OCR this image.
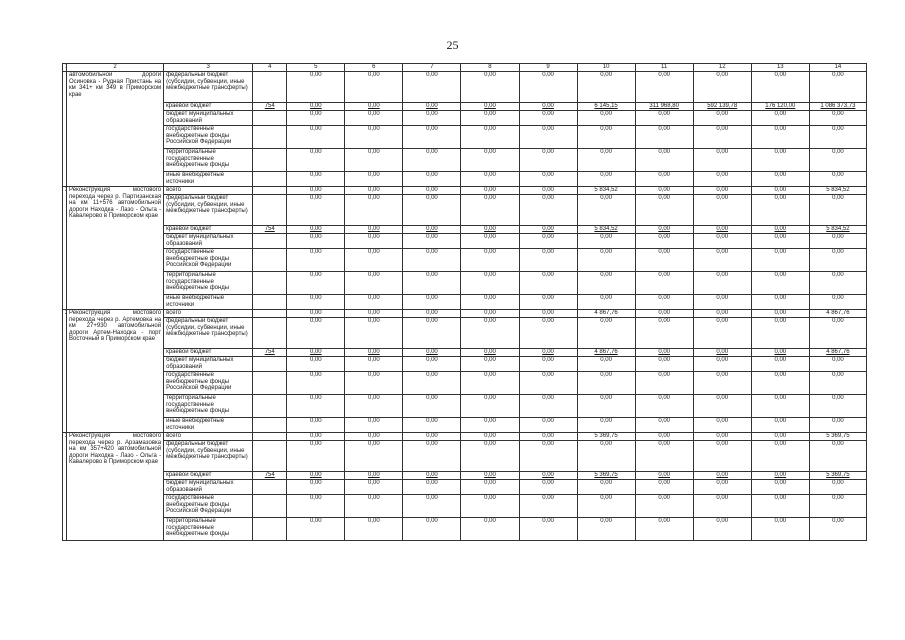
25
	2	3	4	5	6	7	8	9	10	11	12	13	14
	автомобильной дороги Осиновка - Рудная Пристань на км 341+ км 349 в Приморском крае	федеральный бюджет (субсидии, субвенции, иные межбюджетные трансферты)		0,00	0,00	0,00	0,00	0,00	0,00	0,00	0,00	0,00	0,00
		краевой бюджет	754	0,00	0,00	0,00	0,00	0,00	6 145,15	311 968,80	592 139,78	176 120,00	1 086 373,73
		бюджет муниципальных образований		0,00	0,00	0,00	0,00	0,00	0,00	0,00	0,00	0,00	0,00
		государственные внебюджетные фонды Российской Федерации		0,00	0,00	0,00	0,00	0,00	0,00	0,00	0,00	0,00	0,00
		территориальные государственные внебюджетные фонды		0,00	0,00	0,00	0,00	0,00	0,00	0,00	0,00	0,00	0,00
		иные внебюджетные источники		0,00	0,00	0,00	0,00	0,00	0,00	0,00	0,00	0,00	0,00
	Реконструкция мостового перехода через р. Партизанская на км 11+576 автомобильной дороги Находка - Лазо - Ольга - Кавалерово в Приморском крае	всего		0,00	0,00	0,00	0,00	0,00	5 834,52	0,00	0,00	0,00	5 834,52
		федеральный бюджет (субсидии, субвенции, иные межбюджетные трансферты)		0,00	0,00	0,00	0,00	0,00	0,00	0,00	0,00	0,00	0,00
		краевой бюджет	754	0,00	0,00	0,00	0,00	0,00	5 834,52	0,00	0,00	0,00	5 834,52
		бюджет муниципальных образований		0,00	0,00	0,00	0,00	0,00	0,00	0,00	0,00	0,00	0,00
		государственные внебюджетные фонды Российской Федерации		0,00	0,00	0,00	0,00	0,00	0,00	0,00	0,00	0,00	0,00
		территориальные государственные внебюджетные фонды		0,00	0,00	0,00	0,00	0,00	0,00	0,00	0,00	0,00	0,00
		иные внебюджетные источники		0,00	0,00	0,00	0,00	0,00	0,00	0,00	0,00	0,00	0,00
	Реконструкция мостового перехода через р. Артемовка на км 27+930 автомобильной дороги Артем-Находка - порт Восточный в Приморском крае	всего		0,00	0,00	0,00	0,00	0,00	4 867,76	0,00	0,00	0,00	4 867,76
		федеральный бюджет (субсидии, субвенции, иные межбюджетные трансферты)		0,00	0,00	0,00	0,00	0,00	0,00	0,00	0,00	0,00	0,00
		краевой бюджет	754	0,00	0,00	0,00	0,00	0,00	4 867,76	0,00	0,00	0,00	4 867,76
		бюджет муниципальных образований		0,00	0,00	0,00	0,00	0,00	0,00	0,00	0,00	0,00	0,00
		государственные внебюджетные фонды Российской Федерации		0,00	0,00	0,00	0,00	0,00	0,00	0,00	0,00	0,00	0,00
		территориальные государственные внебюджетные фонды		0,00	0,00	0,00	0,00	0,00	0,00	0,00	0,00	0,00	0,00
		иные внебюджетные источники		0,00	0,00	0,00	0,00	0,00	0,00	0,00	0,00	0,00	0,00
	Реконструкция мостового перехода через р. Арзамазовка на км 357+420 автомобильной дороги Находка - Лазо - Ольга - Кавалерово в Приморском крае	всего		0,00	0,00	0,00	0,00	0,00	5 369,75	0,00	0,00	0,00	5 369,75
		федеральный бюджет (субсидии, субвенции, иные межбюджетные трансферты)		0,00	0,00	0,00	0,00	0,00	0,00	0,00	0,00	0,00	0,00
		краевой бюджет	754	0,00	0,00	0,00	0,00	0,00	5 369,75	0,00	0,00	0,00	5 369,75
		бюджет муниципальных образований		0,00	0,00	0,00	0,00	0,00	0,00	0,00	0,00	0,00	0,00
		государственные внебюджетные фонды Российской Федерации		0,00	0,00	0,00	0,00	0,00	0,00	0,00	0,00	0,00	0,00
		территориальные государственные внебюджетные фонды		0,00	0,00	0,00	0,00	0,00	0,00	0,00	0,00	0,00	0,00
